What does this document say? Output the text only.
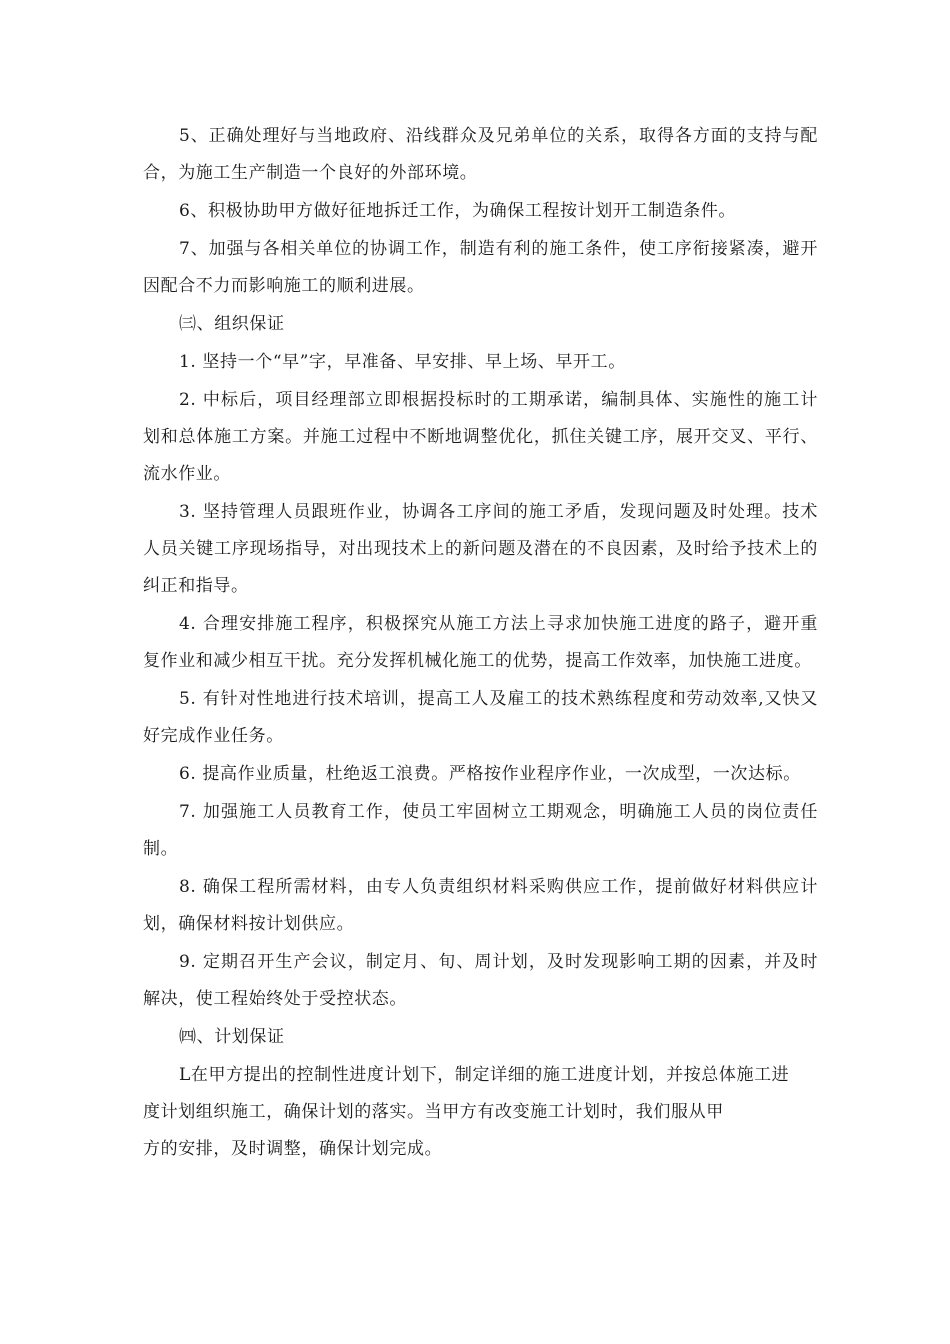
5、正确处理好与当地政府、沿线群众及兄弟单位的关系，取得各方面的支持与配合，为施工生产制造一个良好的外部环境。

6、积极协助甲方做好征地拆迁工作，为确保工程按计划开工制造条件。

7、加强与各相关单位的协调工作，制造有利的施工条件，使工序衔接紧凑，避开因配合不力而影响施工的顺利进展。

㈢、组织保证

1. 坚持一个“早”字，早准备、早安排、早上场、早开工。

2. 中标后，项目经理部立即根据投标时的工期承诺，编制具体、实施性的施工计划和总体施工方案。并施工过程中不断地调整优化，抓住关键工序，展开交叉、平行、流水作业。

3. 坚持管理人员跟班作业，协调各工序间的施工矛盾，发现问题及时处理。技术人员关键工序现场指导，对出现技术上的新问题及潜在的不良因素，及时给予技术上的纠正和指导。

4. 合理安排施工程序，积极探究从施工方法上寻求加快施工进度的路子，避开重复作业和减少相互干扰。充分发挥机械化施工的优势，提高工作效率，加快施工进度。

5. 有针对性地进行技术培训，提高工人及雇工的技术熟练程度和劳动效率,又快又好完成作业任务。

6. 提高作业质量，杜绝返工浪费。严格按作业程序作业，一次成型，一次达标。

7. 加强施工人员教育工作，使员工牢固树立工期观念，明确施工人员的岗位责任制。

8. 确保工程所需材料，由专人负责组织材料采购供应工作，提前做好材料供应计划，确保材料按计划供应。

9. 定期召开生产会议，制定月、旬、周计划，及时发现影响工期的因素，并及时解决，使工程始终处于受控状态。

㈣、计划保证

L在甲方提出的控制性进度计划下，制定详细的施工进度计划，并按总体施工进
度计划组织施工，确保计划的落实。当甲方有改变施工计划时，我们服从甲
方的安排，及时调整，确保计划完成。
